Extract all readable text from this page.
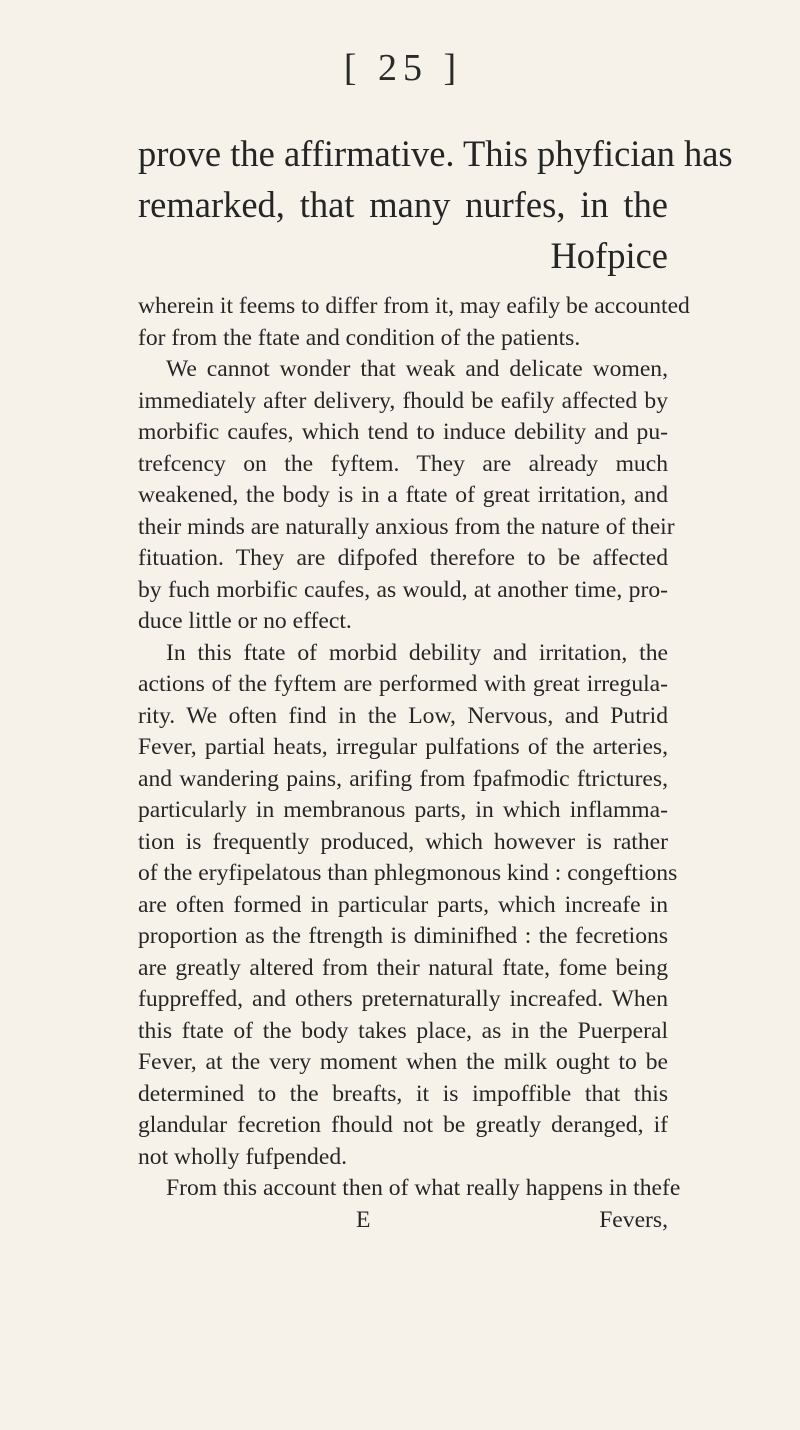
[ 25 ]
prove the affirmative. This phyfician has
remarked, that many nurfes, in the
Hofpice
wherein it feems to differ from it, may eafily be accounted
for from the ftate and condition of the patients.
We cannot wonder that weak and delicate women,
immediately after delivery, fhould be eafily affected by
morbific caufes, which tend to induce debility and pu-
trefcency on the fyftem. They are already much
weakened, the body is in a ftate of great irritation, and
their minds are naturally anxious from the nature of their
fituation. They are difpofed therefore to be affected
by fuch morbific caufes, as would, at another time, pro-
duce little or no effect.
In this ftate of morbid debility and irritation, the
actions of the fyftem are performed with great irregula-
rity. We often find in the Low, Nervous, and Putrid
Fever, partial heats, irregular pulfations of the arteries,
and wandering pains, arifing from fpafmodic ftrictures,
particularly in membranous parts, in which inflamma-
tion is frequently produced, which however is rather
of the eryfipelatous than phlegmonous kind : congeftions
are often formed in particular parts, which increafe in
proportion as the ftrength is diminifhed : the fecretions
are greatly altered from their natural ftate, fome being
fuppreffed, and others preternaturally increafed. When
this ftate of the body takes place, as in the Puerperal
Fever, at the very moment when the milk ought to be
determined to the breafts, it is impoffible that this
glandular fecretion fhould not be greatly deranged, if
not wholly fufpended.
From this account then of what really happens in thefe
E	Fevers,
